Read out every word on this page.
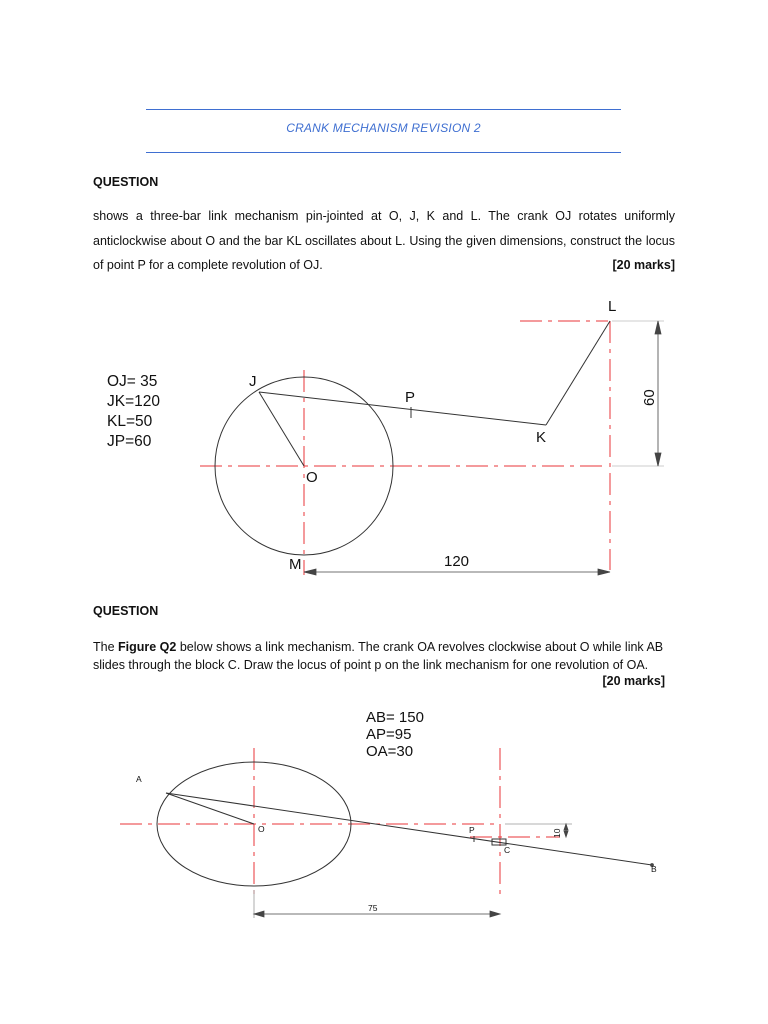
CRANK MECHANISM REVISION 2
QUESTION
shows a three-bar link mechanism pin-jointed at O, J, K and L. The crank OJ rotates uniformly anticlockwise about O and the bar KL oscillates about L. Using the given dimensions, construct the locus of point P for a complete revolution of OJ.	[20 marks]
OJ= 35
JK=120
KL=50
JP=60
J
P
K
L
O
M	120
60
QUESTION
The Figure Q2 below shows a link mechanism. The crank OA revolves clockwise about O while link AB slides through the block C. Draw the locus of point p on the link mechanism for one revolution of OA.
[20 marks]
AB= 150
AP=95
OA=30
A
O	P
C
B
75
10
